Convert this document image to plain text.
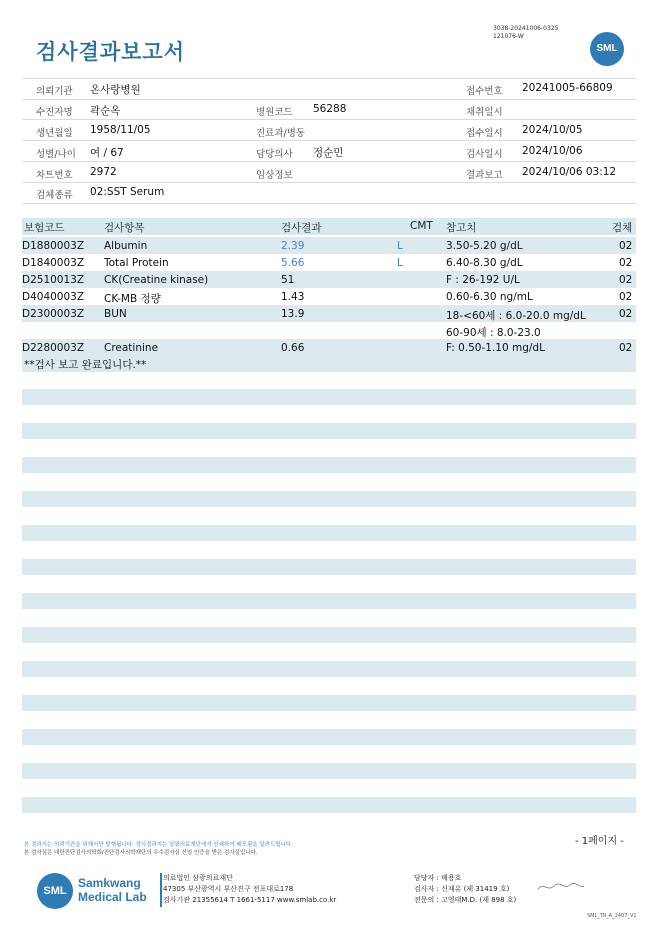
검사결과보고서
3038-20241006-0325
121076-W
SML
의뢰기관 온사랑병원	접수번호 20241005-66809
수진자명 곽순옥	병원코드 56288	채취일시
생년월일 1958/11/05	진료과/병동	접수일시 2024/10/05
성별/나이 여 / 67	담당의사 정순민	검사일시 2024/10/06
차트번호 2972	임상정보	결과보고 2024/10/06 03:12
검체종류 02:SST Serum
보험코드	검사항목	검사결과	CMT 참고치	검체
D1880003Z Albumin	2.39	L	3.50-5.20 g/dL	02
D1840003Z Total Protein	5.66	L	6.40-8.30 g/dL	02
D2510013Z CK(Creatine kinase)	51	F : 26-192 U/L	02
D4040003Z CK-MB 정량	1.43	0.60-6.30 ng/mL	02
D2300003Z BUN	13.9	18-<60세 : 6.0-20.0 mg/dL	02
60-90세 : 8.0-23.0
D2280003Z Creatinine	0.66	F: 0.50-1.10 mg/dL	02
**검사 보고 완료입니다.**
본 결과지는 의뢰기관을 위해서만 발행됩니다. 정식결과지는 삼광의료재단에서 인쇄하여 배포됨을 알려드립니다.
본 검사실은 대한진단검사의학회/진단검사의학재단의 우수검사실 신임 인증을 받은 검사실입니다.
- 1페이지 -
SML
Samkwang
Medical Lab
의료법인 삼광의료재단
47305 부산광역시 부산진구 전포대로178
검사기관 21355614 T 1661-5117 www.smlab.co.kr
담당자 : 배용호
검사자 : 신재유 (제 31419 호)
전문의 : 고영태M.D. (제 898 호)
SML_TR_A_2407_V1
